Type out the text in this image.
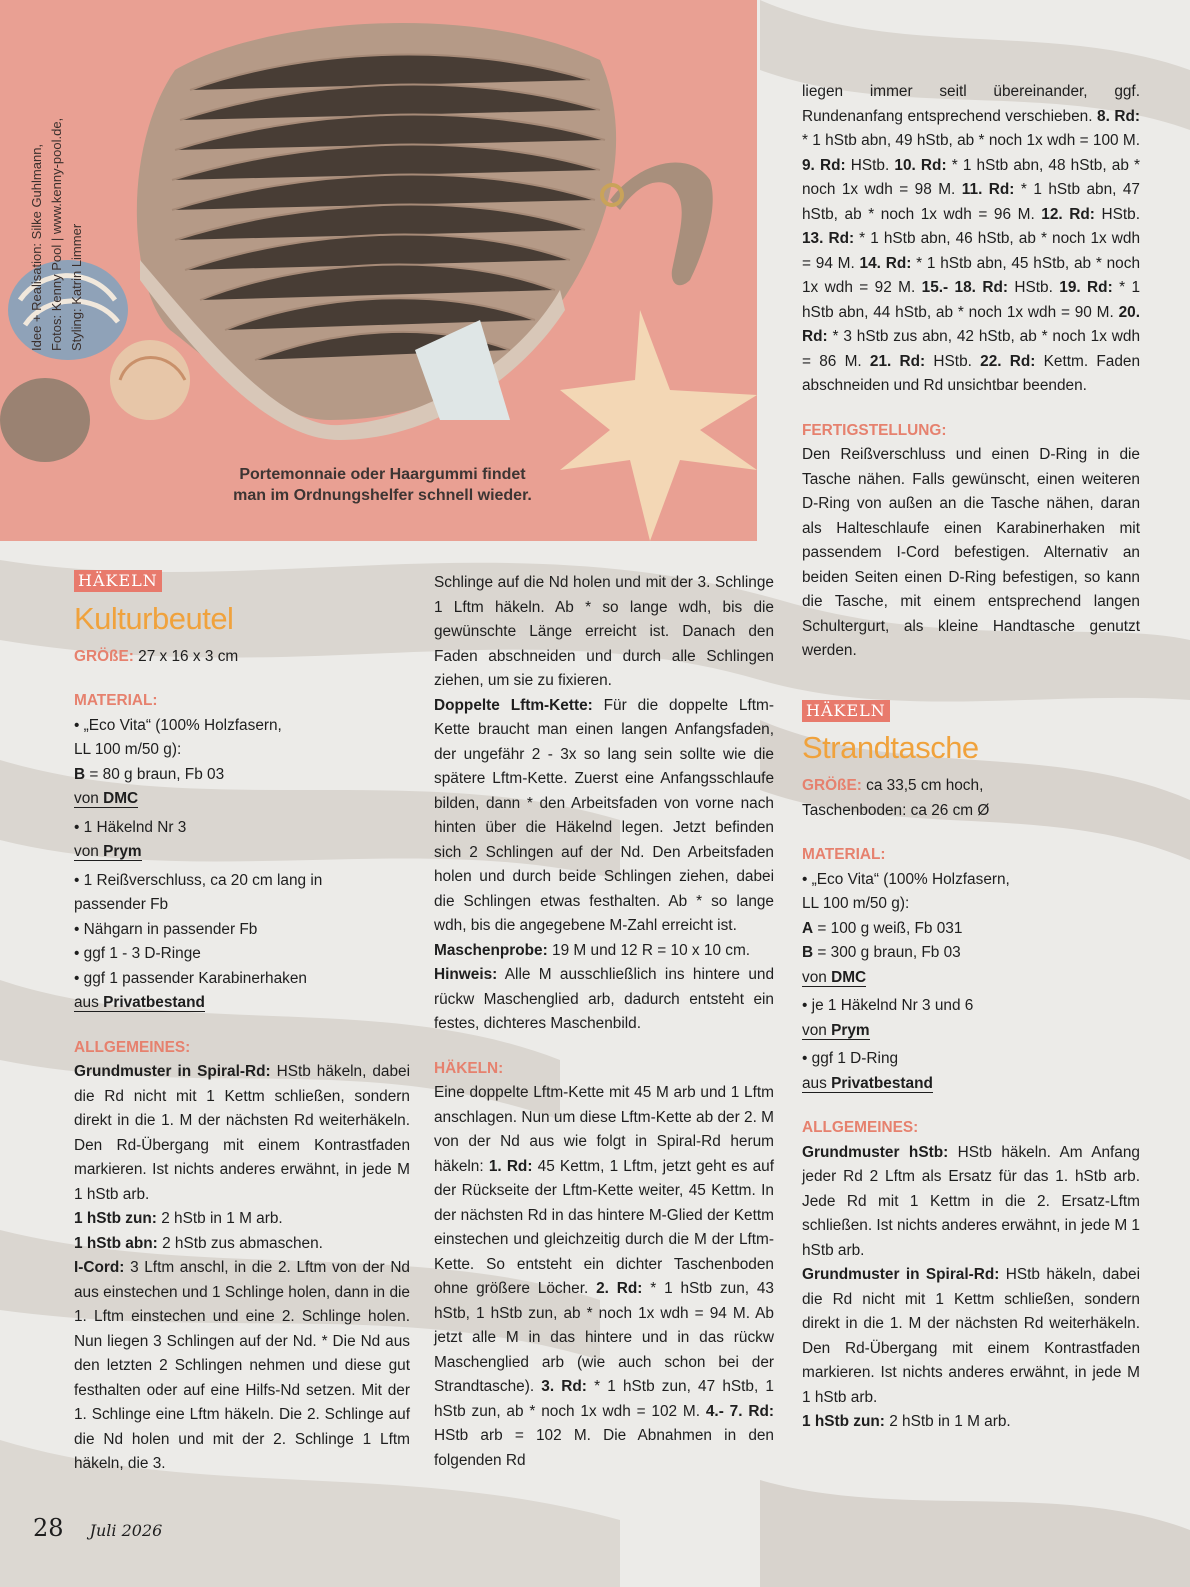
Idee + Realisation: Silke Guhlmann, Fotos: Kenny Pool | www.kenny-pool.de, Styling: Katrin Limmer
Portemonnaie oder Haargummi findet
man im Ordnungshelfer schnell wieder.
HÄKELN
Kulturbeutel

GRÖßE: 27 x 16 x 3 cm

MATERIAL:

• „Eco Vita“ (100% Holzfasern,

LL 100 m/50 g):

B = 80 g braun, Fb 03

von DMC

• 1 Häkelnd Nr 3

von Prym

• 1 Reißverschluss, ca 20 cm lang in

passender Fb

• Nähgarn in passender Fb

• ggf 1 - 3 D-Ringe

• ggf 1 passender Karabinerhaken

aus Privatbestand

ALLGEMEINES:

Grundmuster in Spiral-Rd: HStb häkeln, dabei die Rd nicht mit 1 Kettm schließen, sondern direkt in die 1. M der nächsten Rd weiterhäkeln. Den Rd-Übergang mit einem Kontrastfaden markieren. Ist nichts anderes erwähnt, in jede M 1 hStb arb.

1 hStb zun: 2 hStb in 1 M arb.

1 hStb abn: 2 hStb zus abmaschen.

I-Cord: 3 Lftm anschl, in die 2. Lftm von der Nd aus einstechen und 1 Schlinge holen, dann in die 1. Lftm einstechen und eine 2. Schlinge holen. Nun liegen 3 Schlingen auf der Nd. * Die Nd aus den letzten 2 Schlingen nehmen und diese gut festhalten oder auf eine Hilfs-Nd setzen. Mit der 1. Schlinge eine Lftm häkeln. Die 2. Schlinge auf die Nd holen und mit der 2. Schlinge 1 Lftm häkeln, die 3.

Schlinge auf die Nd holen und mit der 3. Schlinge 1 Lftm häkeln. Ab * so lange wdh, bis die gewünschte Länge erreicht ist. Danach den Faden abschneiden und durch alle Schlingen ziehen, um sie zu fixieren.

Doppelte Lftm-Kette: Für die doppelte Lftm-Kette braucht man einen langen Anfangsfaden, der ungefähr 2 - 3x so lang sein sollte wie die spätere Lftm-Kette. Zuerst eine Anfangsschlaufe bilden, dann * den Arbeitsfaden von vorne nach hinten über die Häkelnd legen. Jetzt befinden sich 2 Schlingen auf der Nd. Den Arbeitsfaden holen und durch beide Schlingen ziehen, dabei die Schlingen etwas festhalten. Ab * so lange wdh, bis die angegebene M-Zahl erreicht ist.

Maschenprobe: 19 M und 12 R = 10 x 10 cm.

Hinweis: Alle M ausschließlich ins hintere und rückw Maschenglied arb, dadurch entsteht ein festes, dichteres Maschenbild.

HÄKELN:

Eine doppelte Lftm-Kette mit 45 M arb und 1 Lftm anschlagen. Nun um diese Lftm-Kette ab der 2. M von der Nd aus wie folgt in Spiral-Rd herum häkeln: 1. Rd: 45 Kettm, 1 Lftm, jetzt geht es auf der Rückseite der Lftm-Kette weiter, 45 Kettm. In der nächsten Rd in das hintere M-Glied der Kettm einstechen und gleichzeitig durch die M der Lftm-Kette. So entsteht ein dichter Taschenboden ohne größere Löcher. 2. Rd: * 1 hStb zun, 43 hStb, 1 hStb zun, ab * noch 1x wdh = 94 M. Ab jetzt alle M in das hintere und in das rückw Maschenglied arb (wie auch schon bei der Strandtasche). 3. Rd: * 1 hStb zun, 47 hStb, 1 hStb zun, ab * noch 1x wdh = 102 M. 4.- 7. Rd: HStb arb = 102 M. Die Abnahmen in den folgenden Rd

liegen immer seitl übereinander, ggf. Rundenanfang entsprechend verschieben. 8. Rd: * 1 hStb abn, 49 hStb, ab * noch 1x wdh = 100 M. 9. Rd: HStb. 10. Rd: * 1 hStb abn, 48 hStb, ab * noch 1x wdh = 98 M. 11. Rd: * 1 hStb abn, 47 hStb, ab * noch 1x wdh = 96 M. 12. Rd: HStb. 13. Rd: * 1 hStb abn, 46 hStb, ab * noch 1x wdh = 94 M. 14. Rd: * 1 hStb abn, 45 hStb, ab * noch 1x wdh = 92 M. 15.- 18. Rd: HStb. 19. Rd: * 1 hStb abn, 44 hStb, ab * noch 1x wdh = 90 M. 20. Rd: * 3 hStb zus abn, 42 hStb, ab * noch 1x wdh = 86 M. 21. Rd: HStb. 22. Rd: Kettm. Faden abschneiden und Rd unsichtbar beenden.

FERTIGSTELLUNG:

Den Reißverschluss und einen D-Ring in die Tasche nähen. Falls gewünscht, einen weiteren D-Ring von außen an die Tasche nähen, daran als Halteschlaufe einen Karabinerhaken mit passendem I-Cord befestigen. Alternativ an beiden Seiten einen D-Ring befestigen, so kann die Tasche, mit einem entsprechend langen Schultergurt, als kleine Handtasche genutzt werden.

HÄKELN
Strandtasche

GRÖßE: ca 33,5 cm hoch,

Taschenboden: ca 26 cm Ø

MATERIAL:

• „Eco Vita“ (100% Holzfasern,

LL 100 m/50 g):

A = 100 g weiß, Fb 031

B = 300 g braun, Fb 03

von DMC

• je 1 Häkelnd Nr 3 und 6

von Prym

• ggf 1 D-Ring

aus Privatbestand

ALLGEMEINES:

Grundmuster hStb: HStb häkeln. Am Anfang jeder Rd 2 Lftm als Ersatz für das 1. hStb arb. Jede Rd mit 1 Kettm in die 2. Ersatz-Lftm schließen. Ist nichts anderes erwähnt, in jede M 1 hStb arb.

Grundmuster in Spiral-Rd: HStb häkeln, dabei die Rd nicht mit 1 Kettm schließen, sondern direkt in die 1. M der nächsten Rd weiterhäkeln. Den Rd-Übergang mit einem Kontrastfaden markieren. Ist nichts anderes erwähnt, in jede M 1 hStb arb.

1 hStb zun: 2 hStb in 1 M arb.

28 Juli 2026
